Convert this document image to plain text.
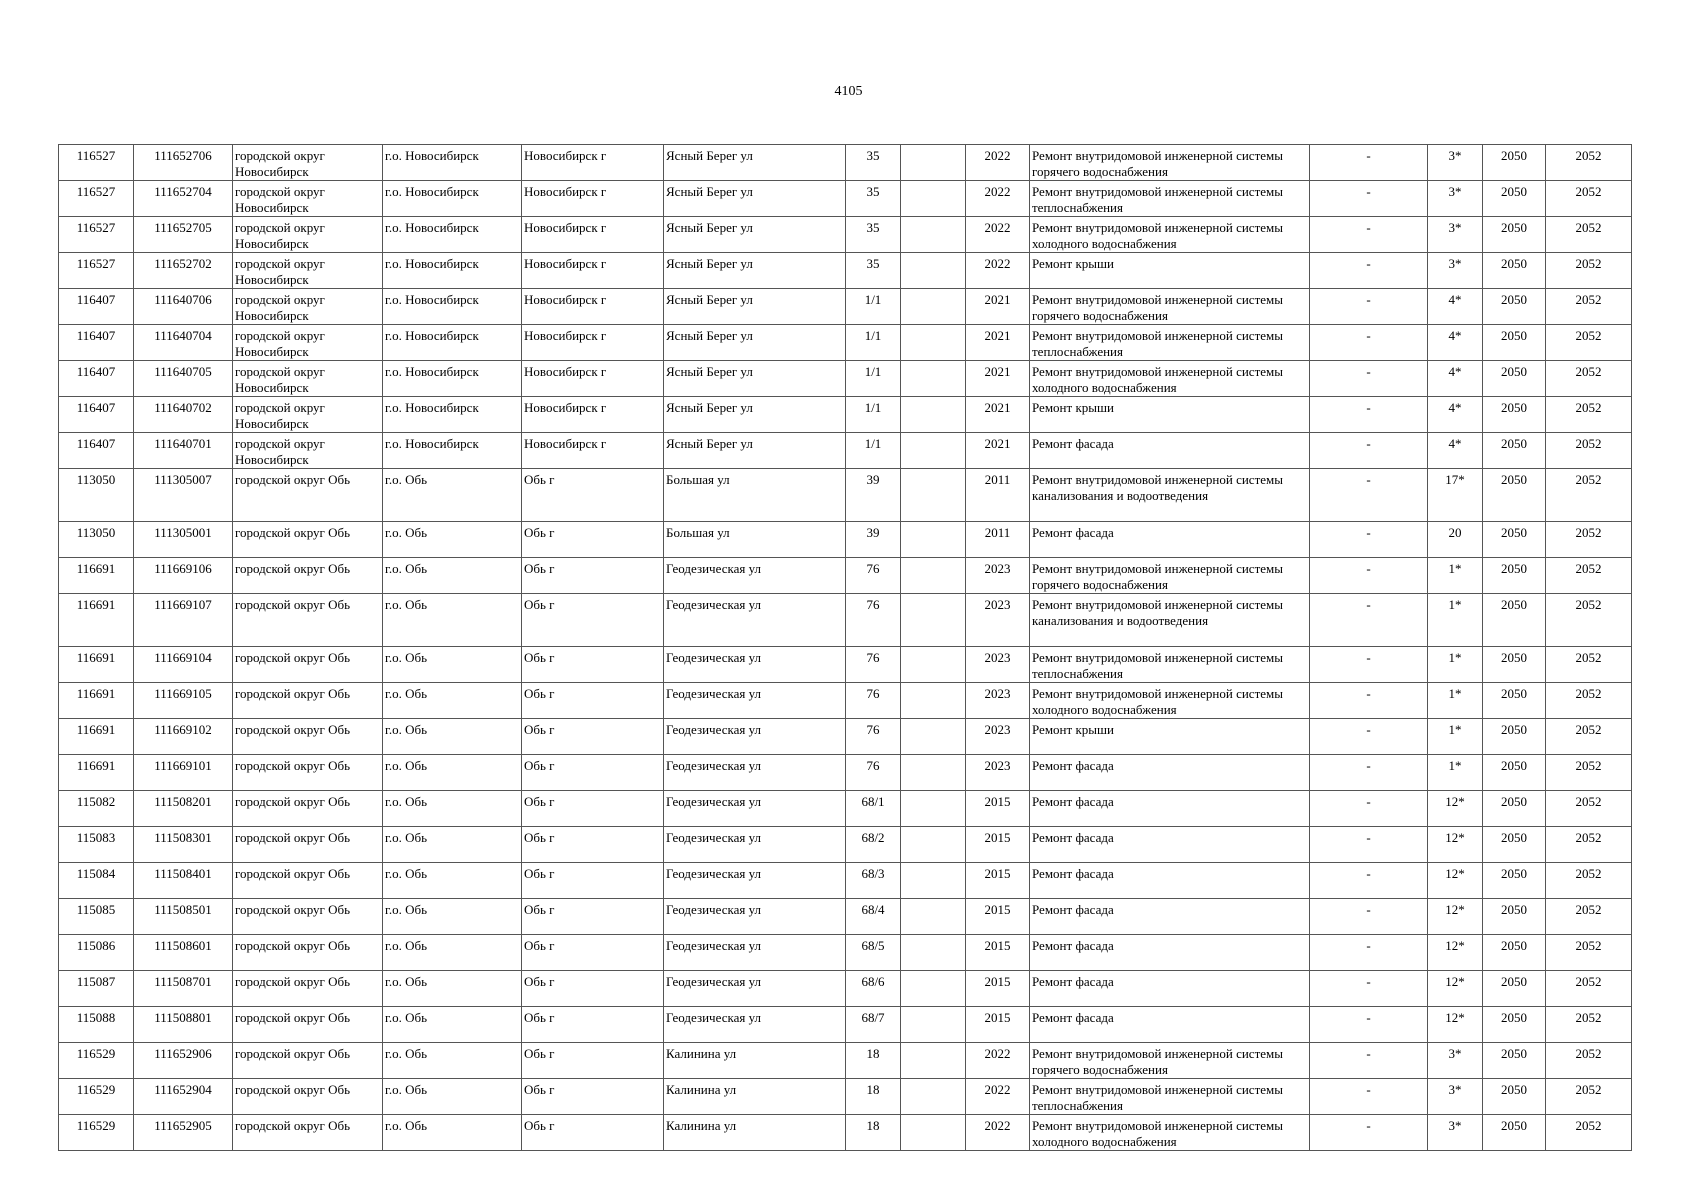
4105
116527	111652706	городской округ Новосибирск	г.о. Новосибирск	Новосибирск г	Ясный Берег ул	35		2022	Ремонт внутридомовой инженерной системы горячего водоснабжения	-	3*	2050	2052
116527	111652704	городской округ Новосибирск	г.о. Новосибирск	Новосибирск г	Ясный Берег ул	35		2022	Ремонт внутридомовой инженерной системы теплоснабжения	-	3*	2050	2052
116527	111652705	городской округ Новосибирск	г.о. Новосибирск	Новосибирск г	Ясный Берег ул	35		2022	Ремонт внутридомовой инженерной системы холодного водоснабжения	-	3*	2050	2052
116527	111652702	городской округ Новосибирск	г.о. Новосибирск	Новосибирск г	Ясный Берег ул	35		2022	Ремонт крыши	-	3*	2050	2052
116407	111640706	городской округ Новосибирск	г.о. Новосибирск	Новосибирск г	Ясный Берег ул	1/1		2021	Ремонт внутридомовой инженерной системы горячего водоснабжения	-	4*	2050	2052
116407	111640704	городской округ Новосибирск	г.о. Новосибирск	Новосибирск г	Ясный Берег ул	1/1		2021	Ремонт внутридомовой инженерной системы теплоснабжения	-	4*	2050	2052
116407	111640705	городской округ Новосибирск	г.о. Новосибирск	Новосибирск г	Ясный Берег ул	1/1		2021	Ремонт внутридомовой инженерной системы холодного водоснабжения	-	4*	2050	2052
116407	111640702	городской округ Новосибирск	г.о. Новосибирск	Новосибирск г	Ясный Берег ул	1/1		2021	Ремонт крыши	-	4*	2050	2052
116407	111640701	городской округ Новосибирск	г.о. Новосибирск	Новосибирск г	Ясный Берег ул	1/1		2021	Ремонт фасада	-	4*	2050	2052
113050	111305007	городской округ Обь	г.о. Обь	Обь г	Большая ул	39		2011	Ремонт внутридомовой инженерной системы канализования и водоотведения	-	17*	2050	2052
113050	111305001	городской округ Обь	г.о. Обь	Обь г	Большая ул	39		2011	Ремонт фасада	-	20	2050	2052
116691	111669106	городской округ Обь	г.о. Обь	Обь г	Геодезическая ул	76		2023	Ремонт внутридомовой инженерной системы горячего водоснабжения	-	1*	2050	2052
116691	111669107	городской округ Обь	г.о. Обь	Обь г	Геодезическая ул	76		2023	Ремонт внутридомовой инженерной системы канализования и водоотведения	-	1*	2050	2052
116691	111669104	городской округ Обь	г.о. Обь	Обь г	Геодезическая ул	76		2023	Ремонт внутридомовой инженерной системы теплоснабжения	-	1*	2050	2052
116691	111669105	городской округ Обь	г.о. Обь	Обь г	Геодезическая ул	76		2023	Ремонт внутридомовой инженерной системы холодного водоснабжения	-	1*	2050	2052
116691	111669102	городской округ Обь	г.о. Обь	Обь г	Геодезическая ул	76		2023	Ремонт крыши	-	1*	2050	2052
116691	111669101	городской округ Обь	г.о. Обь	Обь г	Геодезическая ул	76		2023	Ремонт фасада	-	1*	2050	2052
115082	111508201	городской округ Обь	г.о. Обь	Обь г	Геодезическая ул	68/1		2015	Ремонт фасада	-	12*	2050	2052
115083	111508301	городской округ Обь	г.о. Обь	Обь г	Геодезическая ул	68/2		2015	Ремонт фасада	-	12*	2050	2052
115084	111508401	городской округ Обь	г.о. Обь	Обь г	Геодезическая ул	68/3		2015	Ремонт фасада	-	12*	2050	2052
115085	111508501	городской округ Обь	г.о. Обь	Обь г	Геодезическая ул	68/4		2015	Ремонт фасада	-	12*	2050	2052
115086	111508601	городской округ Обь	г.о. Обь	Обь г	Геодезическая ул	68/5		2015	Ремонт фасада	-	12*	2050	2052
115087	111508701	городской округ Обь	г.о. Обь	Обь г	Геодезическая ул	68/6		2015	Ремонт фасада	-	12*	2050	2052
115088	111508801	городской округ Обь	г.о. Обь	Обь г	Геодезическая ул	68/7		2015	Ремонт фасада	-	12*	2050	2052
116529	111652906	городской округ Обь	г.о. Обь	Обь г	Калинина ул	18		2022	Ремонт внутридомовой инженерной системы горячего водоснабжения	-	3*	2050	2052
116529	111652904	городской округ Обь	г.о. Обь	Обь г	Калинина ул	18		2022	Ремонт внутридомовой инженерной системы теплоснабжения	-	3*	2050	2052
116529	111652905	городской округ Обь	г.о. Обь	Обь г	Калинина ул	18		2022	Ремонт внутридомовой инженерной системы холодного водоснабжения	-	3*	2050	2052
